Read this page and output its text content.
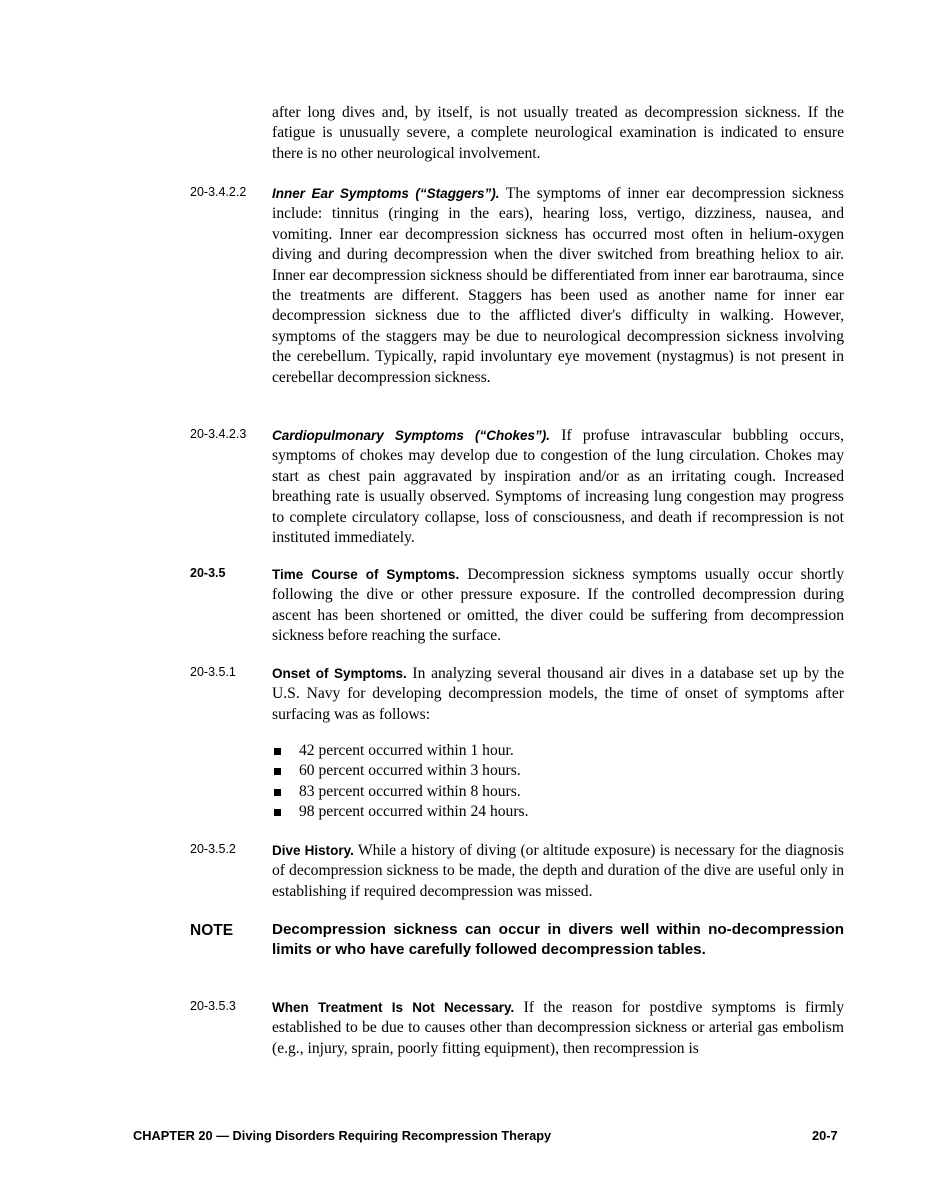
after long dives and, by itself, is not usually treated as decompression sickness. If the fatigue is unusually severe, a complete neurological examination is indicated to ensure there is no other neurological involvement.
20-3.4.2.2 Inner Ear Symptoms (“Staggers”). The symptoms of inner ear decompression sickness include: tinnitus (ringing in the ears), hearing loss, vertigo, dizziness, nausea, and vomiting. Inner ear decompression sickness has occurred most often in helium-oxygen diving and during decompression when the diver switched from breathing heliox to air. Inner ear decompression sickness should be differentiated from inner ear barotrauma, since the treatments are different. Staggers has been used as another name for inner ear decompression sickness due to the afflicted diver's difficulty in walking. However, symptoms of the staggers may be due to neurological decompression sickness involving the cerebellum. Typically, rapid involuntary eye movement (nystagmus) is not present in cerebellar decompression sickness.
20-3.4.2.3 Cardiopulmonary Symptoms (“Chokes”). If profuse intravascular bubbling occurs, symptoms of chokes may develop due to congestion of the lung circulation. Chokes may start as chest pain aggravated by inspiration and/or as an irritating cough. Increased breathing rate is usually observed. Symptoms of increasing lung congestion may progress to complete circulatory collapse, loss of consciousness, and death if recompression is not instituted immediately.
20-3.5	Time Course of Symptoms. Decompression sickness symptoms usually occur shortly following the dive or other pressure exposure. If the controlled decompression during ascent has been shortened or omitted, the diver could be suffering from decompression sickness before reaching the surface.
20-3.5.1	Onset of Symptoms. In analyzing several thousand air dives in a database set up by the U.S. Navy for developing decompression models, the time of onset of symptoms after surfacing was as follows:
42 percent occurred within 1 hour.
60 percent occurred within 3 hours.
83 percent occurred within 8 hours.
98 percent occurred within 24 hours.
20-3.5.2	Dive History. While a history of diving (or altitude exposure) is necessary for the diagnosis of decompression sickness to be made, the depth and duration of the dive are useful only in establishing if required decompression was missed.
NOTE	Decompression sickness can occur in divers well within no-decompression limits or who have carefully followed decompression tables.
20-3.5.3	When Treatment Is Not Necessary. If the reason for postdive symptoms is firmly established to be due to causes other than decompression sickness or arterial gas embolism (e.g., injury, sprain, poorly fitting equipment), then recompression is
CHAPTER 20 — Diving Disorders Requiring Recompression Therapy	20-7
